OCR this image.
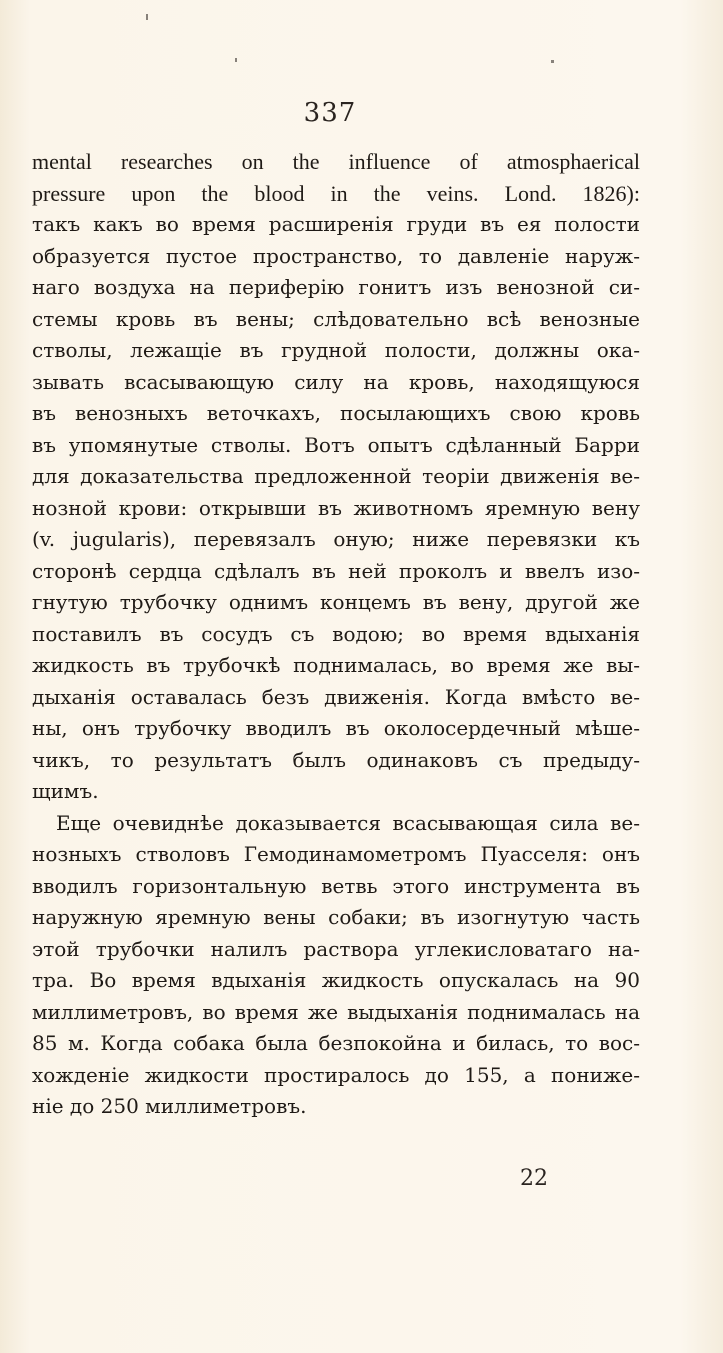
337
mental researches on the influence of atmosphaerical
pressure upon the blood in the veins. Lond. 1826):
такъ какъ во время расширенія груди въ ея полости
образуется пустое пространство, то давленіе наруж-
наго воздуха на периферію гонитъ изъ венозной си-
стемы кровь въ вены; слѣдовательно всѣ венозные
стволы, лежащіе въ грудной полости, должны ока-
зывать всасывающую силу на кровь, находящуюся
въ венозныхъ веточкахъ, посылающихъ свою кровь
въ упомянутые стволы. Вотъ опытъ сдѣланный Барри
для доказательства предложенной теоріи движенія ве-
нозной крови: открывши въ животномъ яремную вену
(v. jugularis), перевязалъ оную; ниже перевязки къ
сторонѣ сердца сдѣлалъ въ ней проколъ и ввелъ изо-
гнутую трубочку однимъ концемъ въ вену, другой же
поставилъ въ сосудъ съ водою; во время вдыханія
жидкость въ трубочкѣ поднималась, во время же вы-
дыханія оставалась безъ движенія. Когда вмѣсто ве-
ны, онъ трубочку вводилъ въ околосердечный мѣше-
чикъ, то результатъ былъ одинаковъ съ предыду-
щимъ.
Еще очевиднѣе доказывается всасывающая сила ве-
нозныхъ стволовъ Гемодинамометромъ Пуасселя: онъ
вводилъ горизонтальную ветвь этого инструмента въ
наружную яремную вены собаки; въ изогнутую часть
этой трубочки налилъ раствора углекисловатаго на-
тра. Во время вдыханія жидкость опускалась на 90
миллиметровъ, во время же выдыханія поднималась на
85 м. Когда собака была безпокойна и билась, то вос-
хожденіе жидкости простиралось до 155, а пониже-
ніе до 250 миллиметровъ.
22
